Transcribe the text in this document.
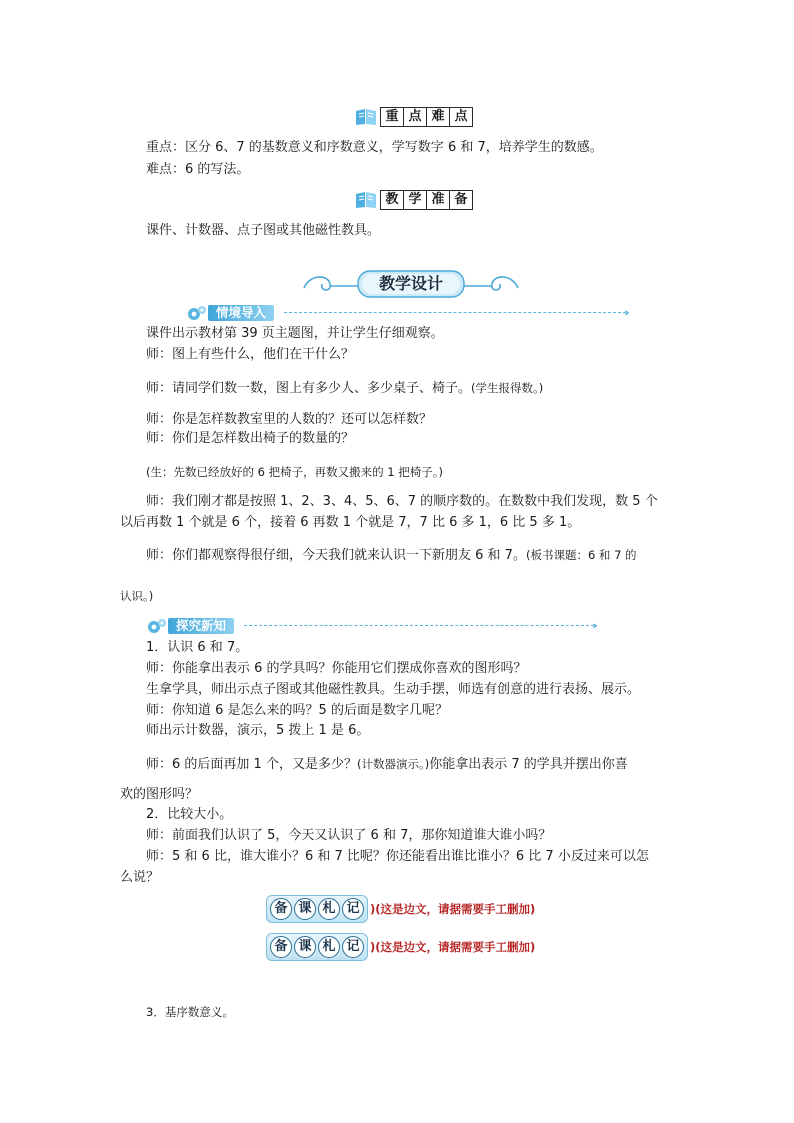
重 点 难 点
重点：区分 6、7 的基数意义和序数意义，学写数字 6 和 7，培养学生的数感。
难点：6 的写法。
教 学 准 备
课件、计数器、点子图或其他磁性教具。
教学设计
情境导入	››
课件出示教材第 39 页主题图，并让学生仔细观察。
师：图上有些什么，他们在干什么？
师：请同学们数一数，图上有多少人、多少桌子、椅子。(学生报得数。)
师：你是怎样数教室里的人数的？还可以怎样数？
师：你们是怎样数出椅子的数量的？
(生：先数已经放好的 6 把椅子，再数又搬来的 1 把椅子。)
师：我们刚才都是按照 1、2、3、4、5、6、7 的顺序数的。在数数中我们发现，数 5 个
以后再数 1 个就是 6 个，接着 6 再数 1 个就是 7，7 比 6 多 1，6 比 5 多 1。
师：你们都观察得很仔细，今天我们就来认识一下新朋友 6 和 7。(板书课题：6 和 7 的
认识。)
探究新知	››
1．认识 6 和 7。
师：你能拿出表示 6 的学具吗？你能用它们摆成你喜欢的图形吗？
生拿学具，师出示点子图或其他磁性教具。生动手摆，师选有创意的进行表扬、展示。
师：你知道 6 是怎么来的吗？5 的后面是数字几呢？
师出示计数器，演示，5 拨上 1 是 6。
师：6 的后面再加 1 个，又是多少？(计数器演示。)你能拿出表示 7 的学具并摆出你喜
欢的图形吗？
2．比较大小。
师：前面我们认识了 5，今天又认识了 6 和 7，那你知道谁大谁小吗？
师：5 和 6 比，谁大谁小？6 和 7 比呢？你还能看出谁比谁小？6 比 7 小反过来可以怎
么说？
备 课 札 记 )(这是边文，请据需要手工删加)
备 课 札 记 )(这是边文，请据需要手工删加)
3．基序数意义。
